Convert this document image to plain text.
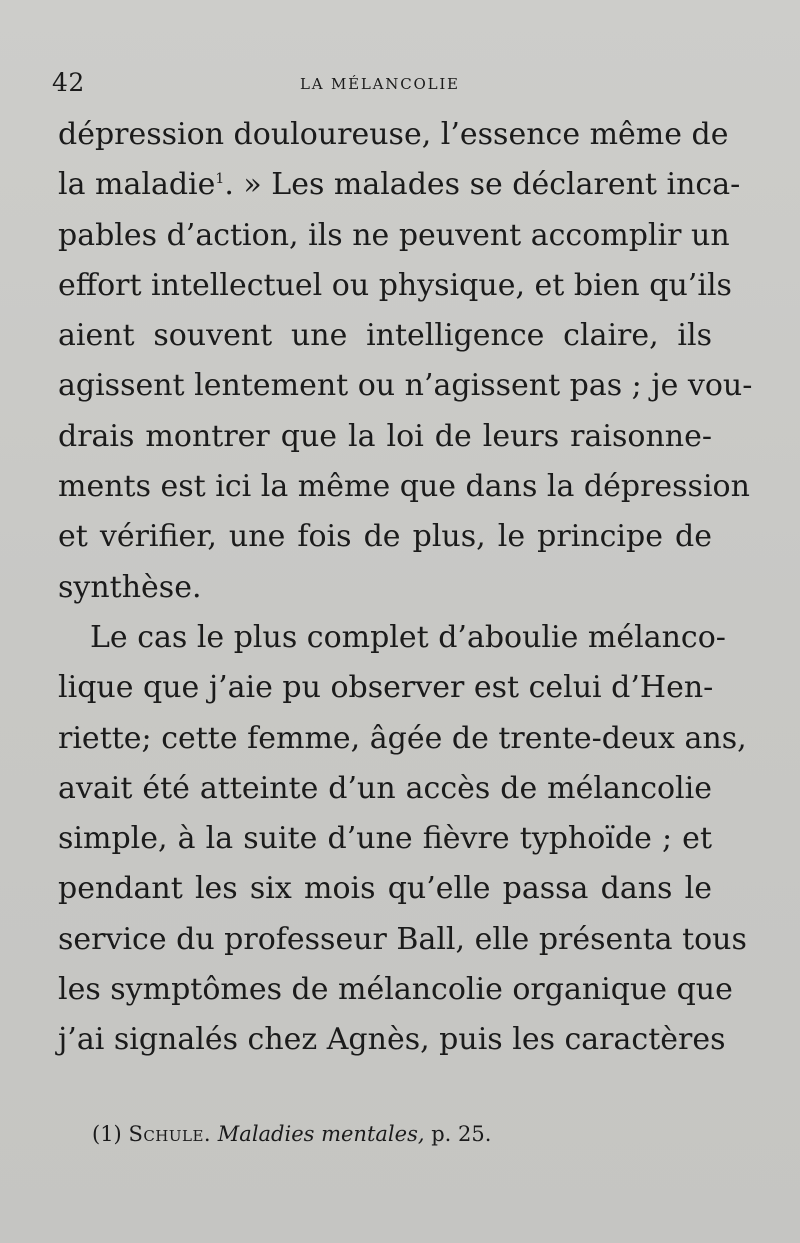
42	LA MÉLANCOLIE
dépression douloureuse, l’essence même de
la maladie$^1$. » Les malades se déclarent inca-
pables d’action, ils ne peuvent accomplir un
effort intellectuel ou physique, et bien qu’ils
aient souvent une intelligence claire, ils
agissent lentement ou n’agissent pas ; je vou-
drais montrer que la loi de leurs raisonne-
ments est ici la même que dans la dépression
et vérifier, une fois de plus, le principe de
synthèse.
Le cas le plus complet d’aboulie mélanco-
lique que j’aie pu observer est celui d’Hen-
riette; cette femme, âgée de trente-deux ans,
avait été atteinte d’un accès de mélancolie
simple, à la suite d’une fièvre typhoïde ; et
pendant les six mois qu’elle passa dans le
service du professeur Ball, elle présenta tous
les symptômes de mélancolie organique que
j’ai signalés chez Agnès, puis les caractères
(1) Schule. Maladies mentales, p. 25.
